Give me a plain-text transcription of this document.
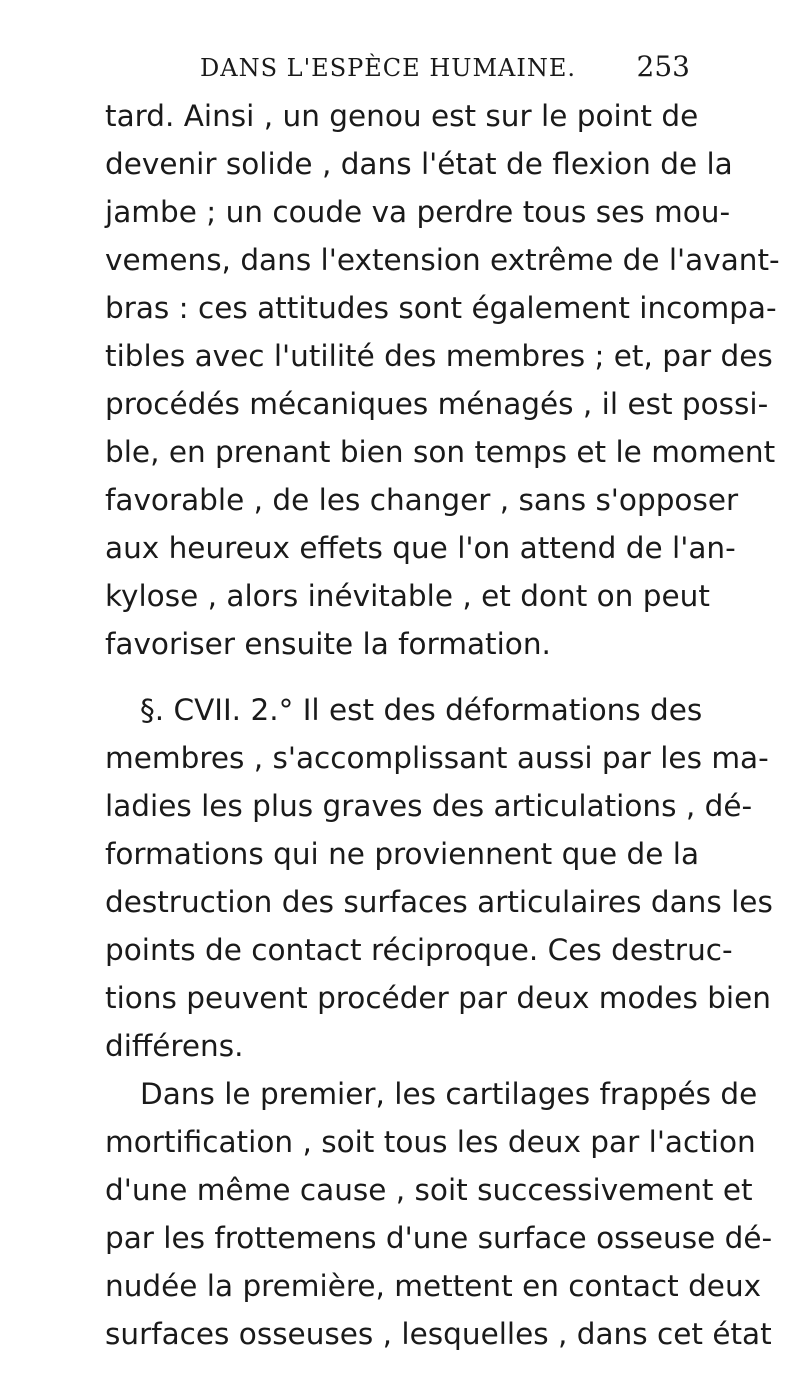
DANS L'ESPÈCE HUMAINE. 253
tard. Ainsi , un genou est sur le point de
devenir solide , dans l'état de flexion de la
jambe ; un coude va perdre tous ses mou-
vemens, dans l'extension extrême de l'avant-
bras : ces attitudes sont également incompa-
tibles avec l'utilité des membres ; et, par des
procédés mécaniques ménagés , il est possi-
ble, en prenant bien son temps et le moment
favorable , de les changer , sans s'opposer
aux heureux effets que l'on attend de l'an-
kylose , alors inévitable , et dont on peut
favoriser ensuite la formation.
§. CVII. 2.° Il est des déformations des
membres , s'accomplissant aussi par les ma-
ladies les plus graves des articulations , dé-
formations qui ne proviennent que de la
destruction des surfaces articulaires dans les
points de contact réciproque. Ces destruc-
tions peuvent procéder par deux modes bien
différens.
Dans le premier, les cartilages frappés de
mortification , soit tous les deux par l'action
d'une même cause , soit successivement et
par les frottemens d'une surface osseuse dé-
nudée la première, mettent en contact deux
surfaces osseuses , lesquelles , dans cet état
